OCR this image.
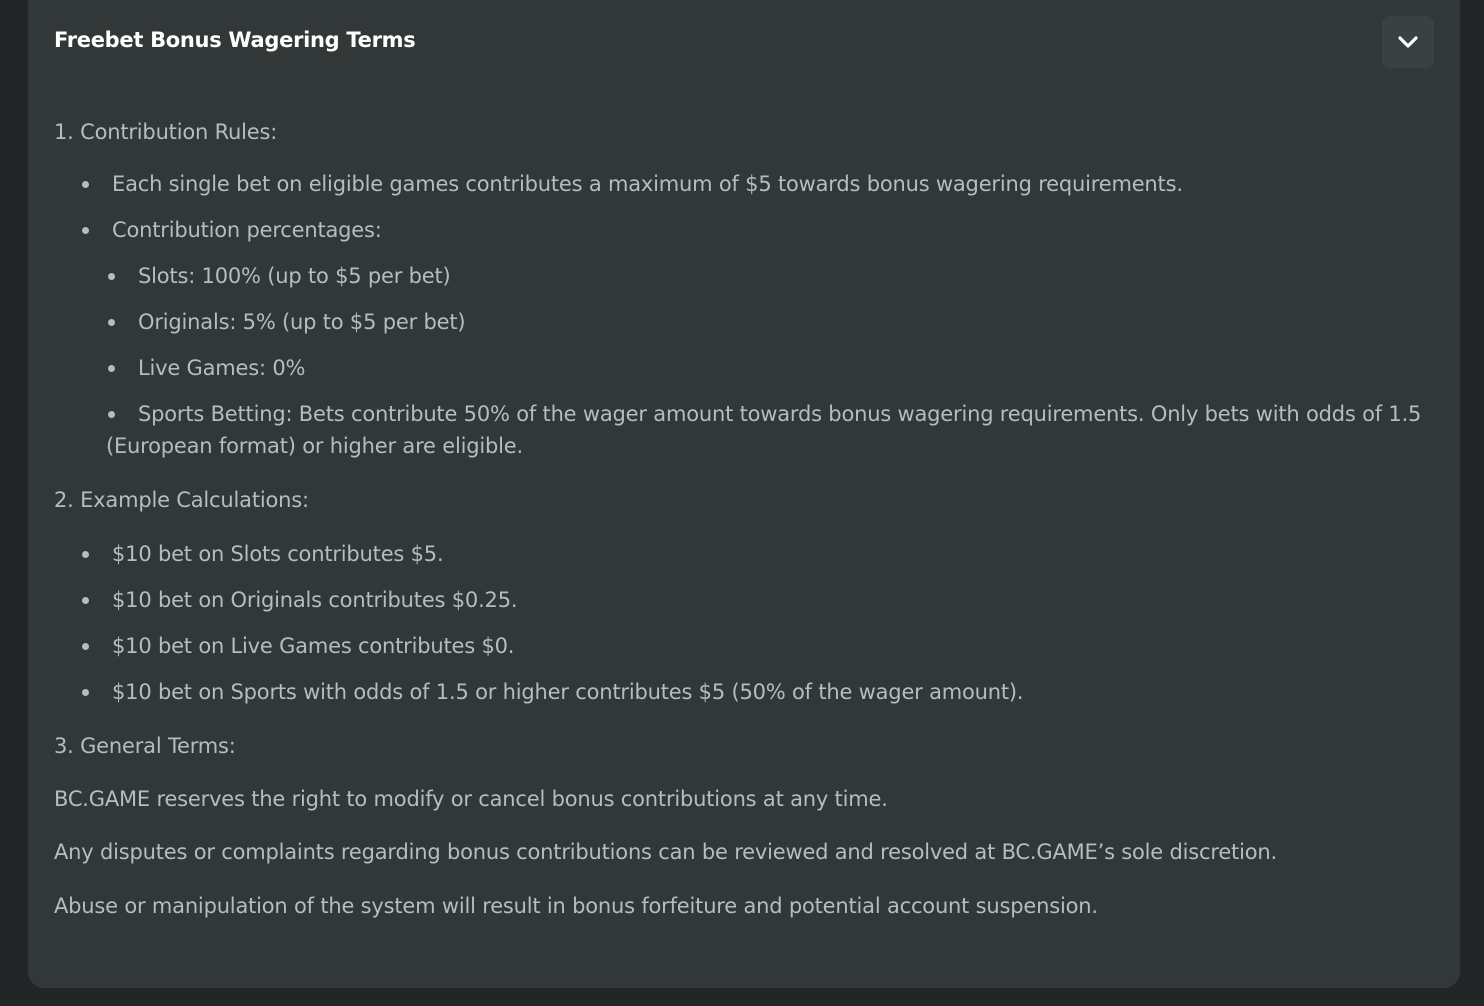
Freebet Bonus Wagering Terms
1. Contribution Rules:
Each single bet on eligible games contributes a maximum of $5 towards bonus wagering requirements.
Contribution percentages:
Slots: 100% (up to $5 per bet)
Originals: 5% (up to $5 per bet)
Live Games: 0%
Sports Betting: Bets contribute 50% of the wager amount towards bonus wagering requirements. Only bets with odds of 1.5 (European format) or higher are eligible.
2. Example Calculations:
$10 bet on Slots contributes $5.
$10 bet on Originals contributes $0.25.
$10 bet on Live Games contributes $0.
$10 bet on Sports with odds of 1.5 or higher contributes $5 (50% of the wager amount).
3. General Terms:
BC.GAME reserves the right to modify or cancel bonus contributions at any time.
Any disputes or complaints regarding bonus contributions can be reviewed and resolved at BC.GAME’s sole discretion.
Abuse or manipulation of the system will result in bonus forfeiture and potential account suspension.
